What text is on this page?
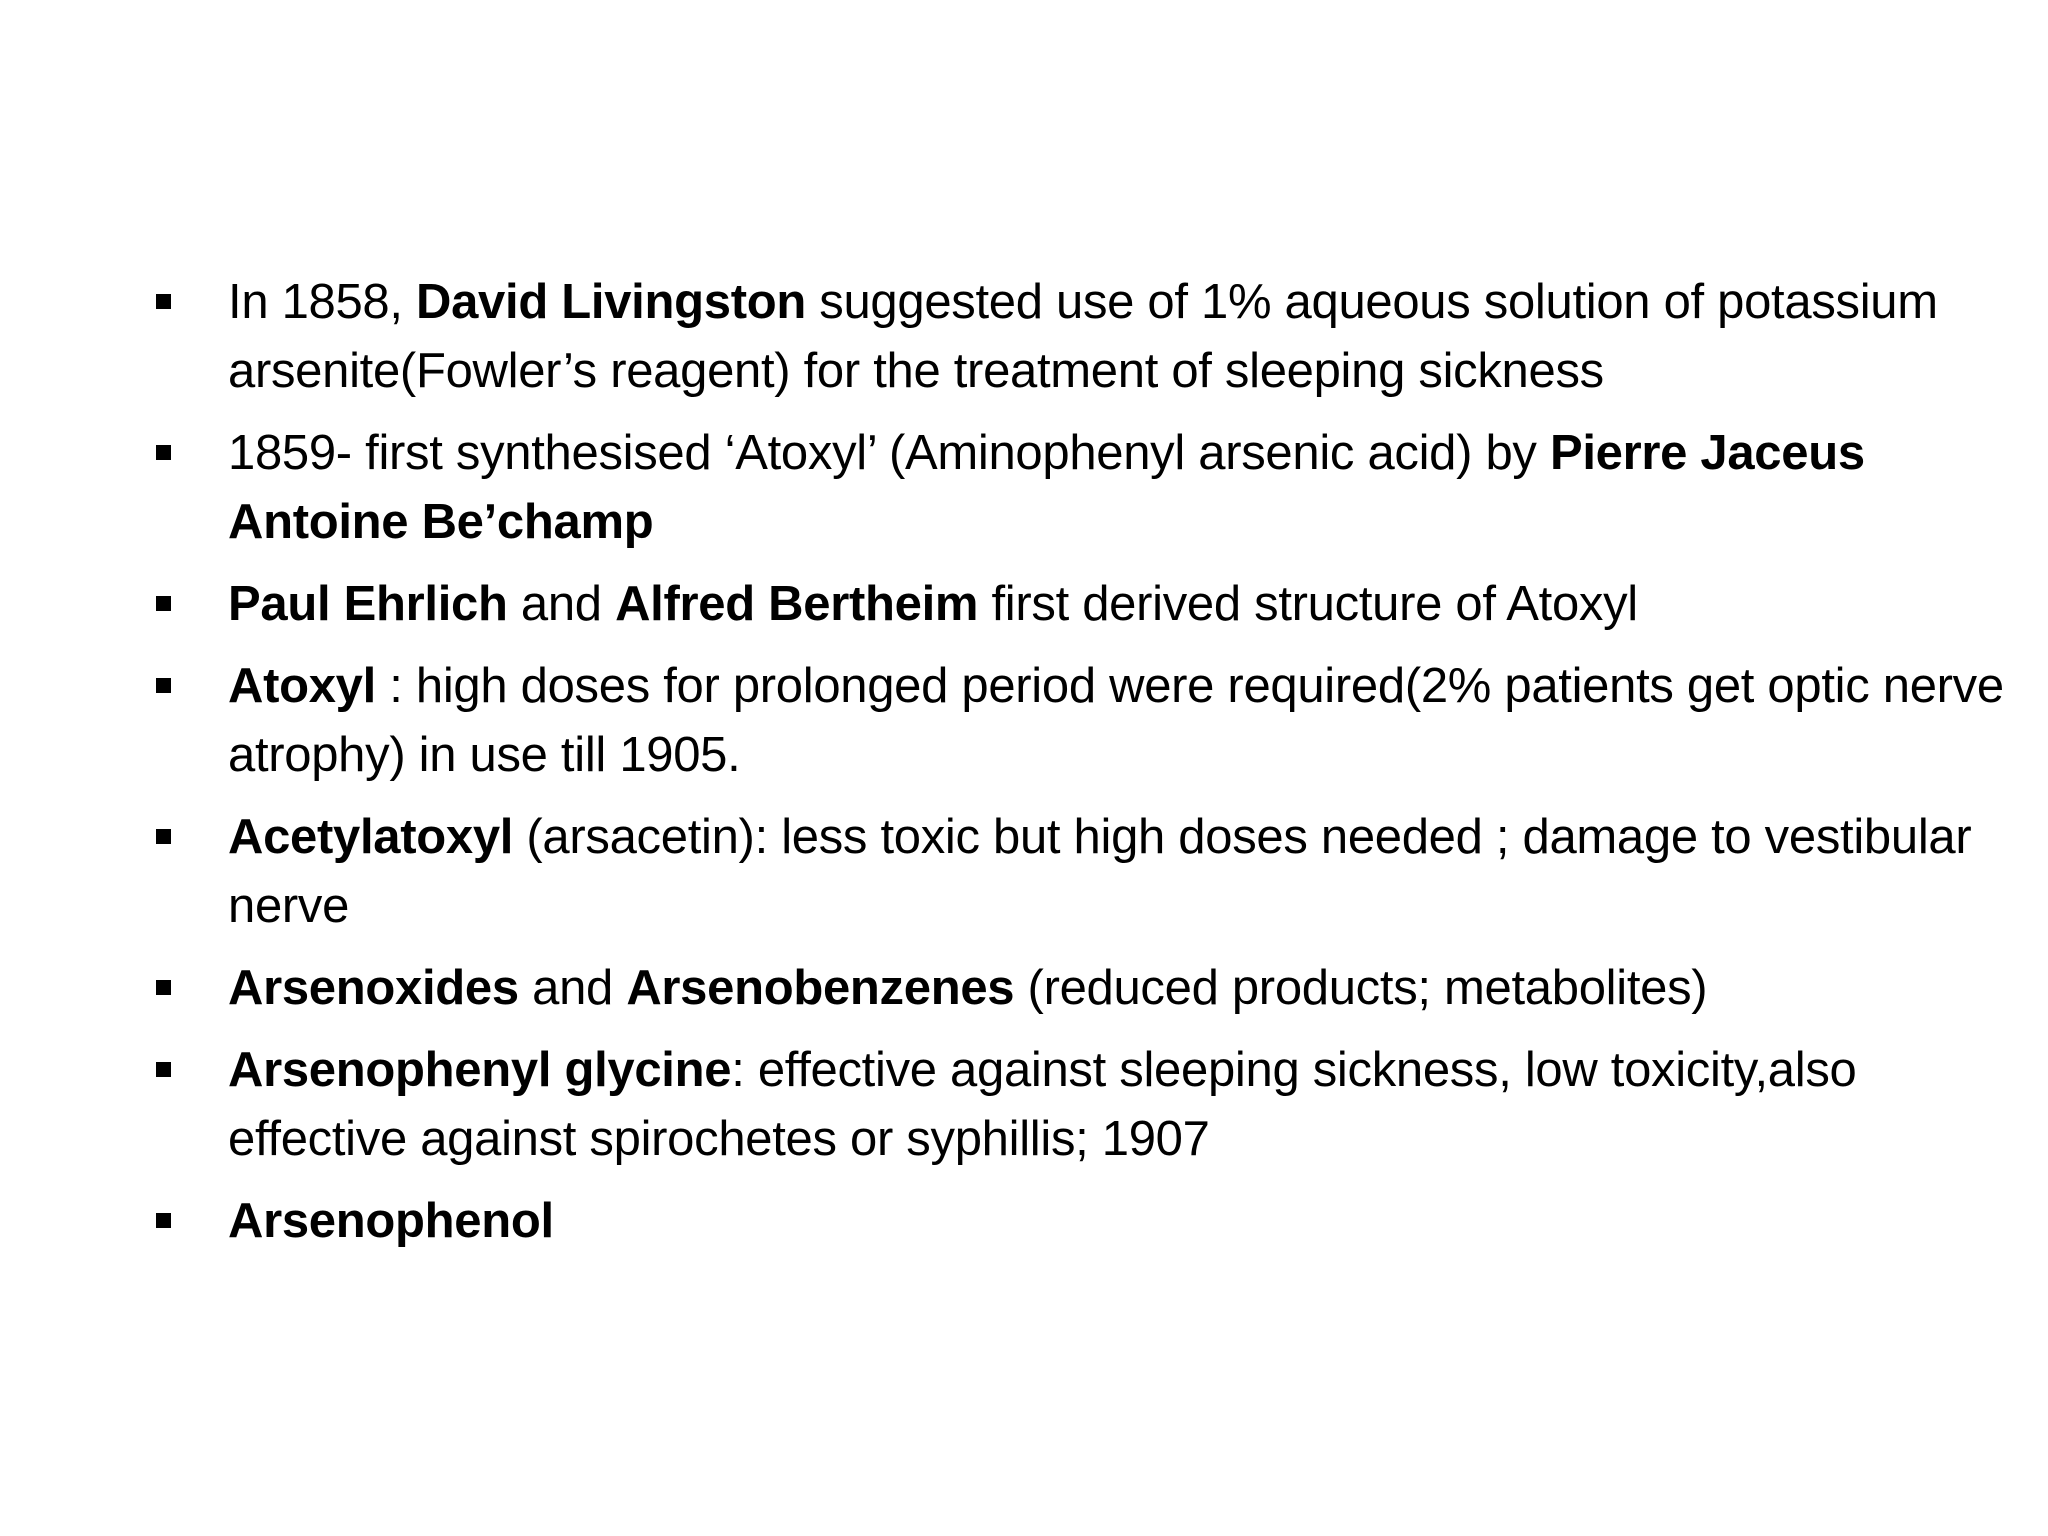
In 1858, David Livingston suggested use of 1% aqueous solution of potassium arsenite(Fowler’s reagent) for the treatment of sleeping sickness
1859- first synthesised ‘Atoxyl’ (Aminophenyl arsenic acid) by Pierre Jaceus Antoine Be’champ
Paul Ehrlich and Alfred Bertheim first derived structure of Atoxyl
Atoxyl : high doses for prolonged period were required(2% patients get optic nerve atrophy) in use till 1905.
Acetylatoxyl (arsacetin): less toxic but high doses needed ; damage to vestibular nerve
Arsenoxides and Arsenobenzenes (reduced products; metabolites)
Arsenophenyl glycine: effective against sleeping sickness, low toxicity,also effective against spirochetes or syphillis; 1907
Arsenophenol
